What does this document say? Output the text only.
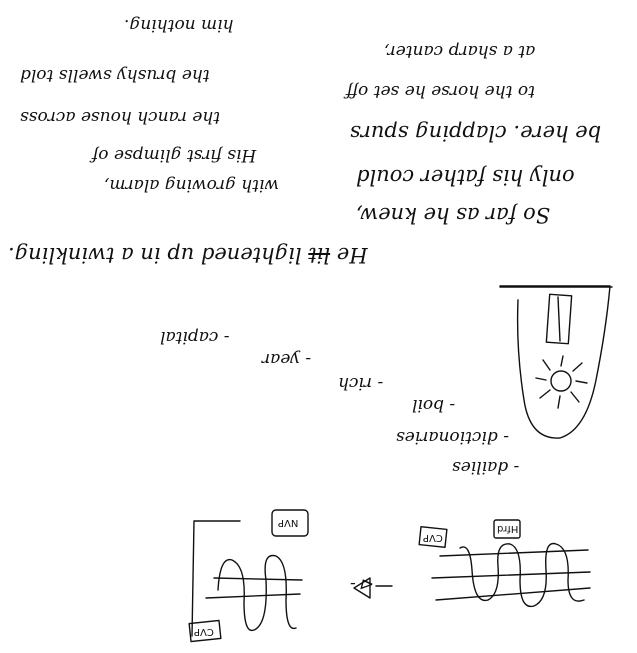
So far as he knew,
only his father could
be here. clapping spurs
to the horse he set off
at a sharp canter,
with growing alarm,
His first glimpse of
the ranch house across
the brushy swells told
him nothing.
He lit lightened up in a twinkling.
- capital
- year
- rich
- boil
- dictionaries
- dailies
CVP
NVP
Hfrd
CVP
⊲ -
